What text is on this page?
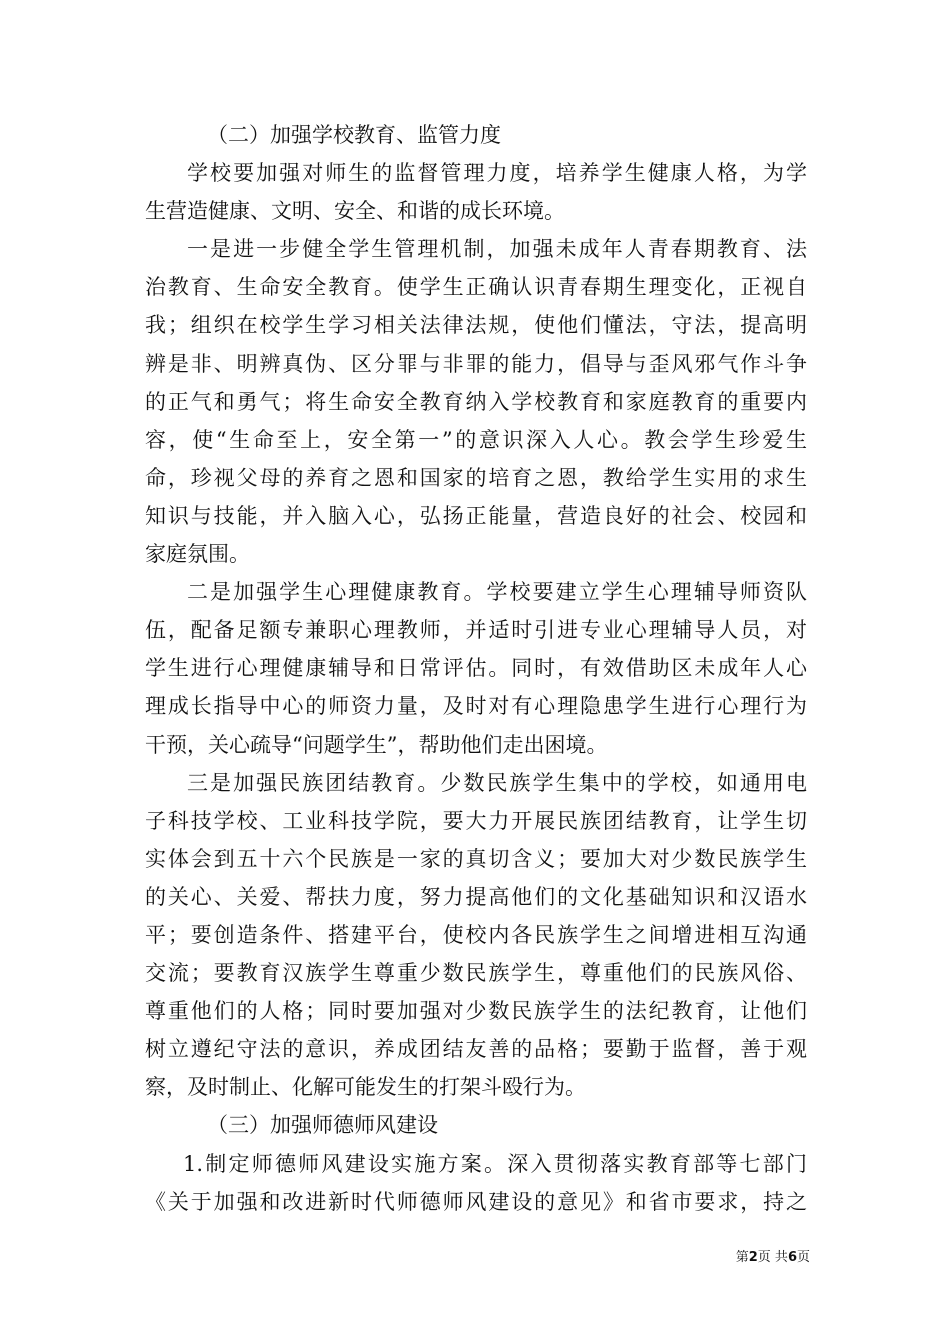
（二）加强学校教育、监管力度
学校要加强对师生的监督管理力度，培养学生健康人格，为学
生营造健康、文明、安全、和谐的成长环境。
一是进一步健全学生管理机制，加强未成年人青春期教育、法
治教育、生命安全教育。使学生正确认识青春期生理变化，正视自
我；组织在校学生学习相关法律法规，使他们懂法，守法，提高明
辨是非、明辨真伪、区分罪与非罪的能力，倡导与歪风邪气作斗争
的正气和勇气；将生命安全教育纳入学校教育和家庭教育的重要内
容，使“生命至上，安全第一”的意识深入人心。教会学生珍爱生
命，珍视父母的养育之恩和国家的培育之恩，教给学生实用的求生
知识与技能，并入脑入心，弘扬正能量，营造良好的社会、校园和
家庭氛围。
二是加强学生心理健康教育。学校要建立学生心理辅导师资队
伍，配备足额专兼职心理教师，并适时引进专业心理辅导人员，对
学生进行心理健康辅导和日常评估。同时，有效借助区未成年人心
理成长指导中心的师资力量，及时对有心理隐患学生进行心理行为
干预，关心疏导“问题学生”，帮助他们走出困境。
三是加强民族团结教育。少数民族学生集中的学校，如通用电
子科技学校、工业科技学院，要大力开展民族团结教育，让学生切
实体会到五十六个民族是一家的真切含义；要加大对少数民族学生
的关心、关爱、帮扶力度，努力提高他们的文化基础知识和汉语水
平；要创造条件、搭建平台，使校内各民族学生之间增进相互沟通
交流；要教育汉族学生尊重少数民族学生，尊重他们的民族风俗、
尊重他们的人格；同时要加强对少数民族学生的法纪教育，让他们
树立遵纪守法的意识，养成团结友善的品格；要勤于监督，善于观
察，及时制止、化解可能发生的打架斗殴行为。
（三）加强师德师风建设
1.制定师德师风建设实施方案。深入贯彻落实教育部等七部门
《关于加强和改进新时代师德师风建设的意见》和省市要求，持之
第2页 共6页
